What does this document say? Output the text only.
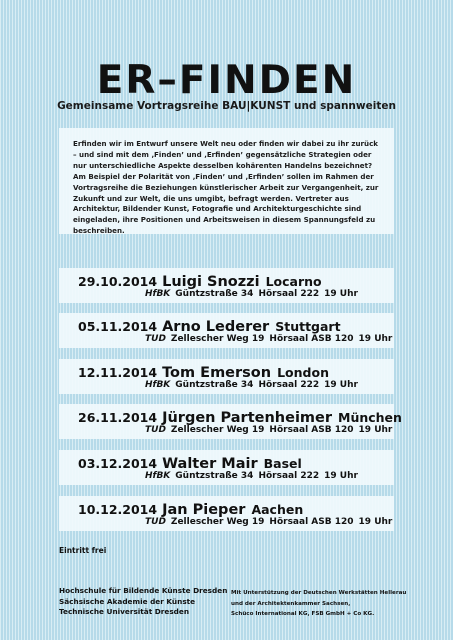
ER–FINDEN
Gemeinsame Vortragsreihe BAU|KUNST und spannweiten
Erfinden wir im Entwurf unsere Welt neu oder finden wir dabei zu ihr zurück – und sind mit dem ‚Finden’ und ‚Erfinden’ gegensätzliche Strategien oder nur unterschiedliche Aspekte desselben kohärenten Handelns bezeichnet? Am Beispiel der Polarität von ‚Finden’ und ‚Erfinden’ sollen im Rahmen der Vortragsreihe die Beziehungen künstlerischer Arbeit zur Vergangenheit, zur Zukunft und zur Welt, die uns umgibt, befragt werden. Vertreter aus Architektur, Bildender Kunst, Fotografie und Architekturgeschichte sind eingeladen, ihre Positionen und Arbeitsweisen in diesem Spannungsfeld zu beschreiben.
29.10.2014 Luigi Snozzi Locarno
HfBK Güntzstraße 34 Hörsaal 222 19 Uhr
05.11.2014 Arno Lederer Stuttgart
TUD Zellescher Weg 19 Hörsaal ASB 120 19 Uhr
12.11.2014 Tom Emerson London
HfBK Güntzstraße 34 Hörsaal 222 19 Uhr
26.11.2014 Jürgen Partenheimer München
TUD Zellescher Weg 19 Hörsaal ASB 120 19 Uhr
03.12.2014 Walter Mair Basel
HfBK Güntzstraße 34 Hörsaal 222 19 Uhr
10.12.2014 Jan Pieper Aachen
TUD Zellescher Weg 19 Hörsaal ASB 120 19 Uhr
Eintritt frei
Hochschule für Bildende Künste Dresden
Sächsische Akademie der Künste
Technische Universität Dresden
Mit Unterstützung der Deutschen Werkstätten Hellerau
und der Architektenkammer Sachsen,
Schüco International KG, FSB GmbH + Co KG.
